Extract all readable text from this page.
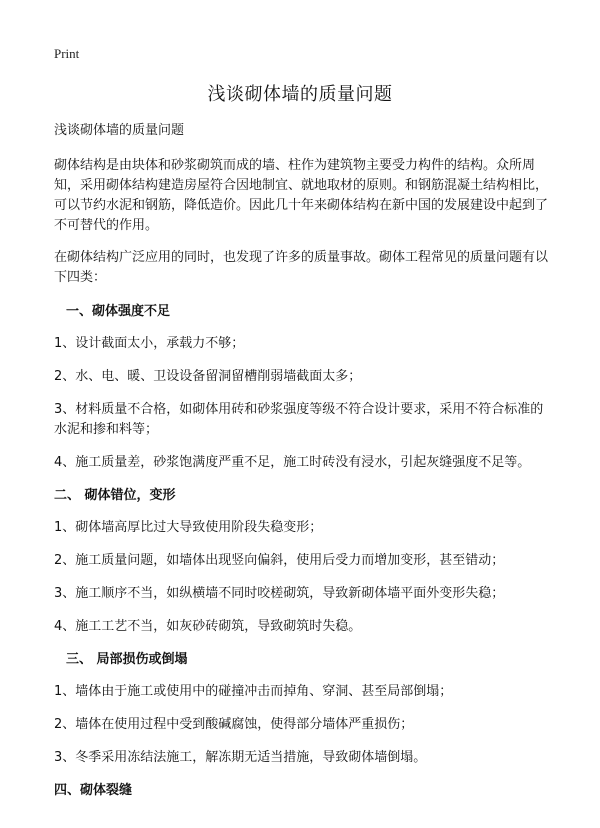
Print
浅谈砌体墙的质量问题

浅谈砌体墙的质量问题

砌体结构是由块体和砂浆砌筑而成的墙、柱作为建筑物主要受力构件的结构。众所周知，采用砌体结构建造房屋符合因地制宜、就地取材的原则。和钢筋混凝土结构相比，可以节约水泥和钢筋，降低造价。因此几十年来砌体结构在新中国的发展建设中起到了不可替代的作用。

在砌体结构广泛应用的同时，也发现了许多的质量事故。砌体工程常见的质量问题有以下四类：

一、砌体强度不足

1、设计截面太小，承载力不够；

2、水、电、暖、卫设设备留洞留槽削弱墙截面太多；

3、材料质量不合格，如砌体用砖和砂浆强度等级不符合设计要求，采用不符合标准的水泥和掺和料等；

4、施工质量差，砂浆饱满度严重不足，施工时砖没有浸水，引起灰缝强度不足等。

二、 砌体错位，变形

1、砌体墙高厚比过大导致使用阶段失稳变形；

2、施工质量问题，如墙体出现竖向偏斜，使用后受力而增加变形，甚至错动；

3、施工顺序不当，如纵横墙不同时咬槎砌筑，导致新砌体墙平面外变形失稳；

4、施工工艺不当，如灰砂砖砌筑，导致砌筑时失稳。

三、 局部损伤或倒塌

1、墙体由于施工或使用中的碰撞冲击而掉角、穿洞、甚至局部倒塌；

2、墙体在使用过程中受到酸碱腐蚀，使得部分墙体严重损伤；

3、冬季采用冻结法施工，解冻期无适当措施，导致砌体墙倒塌。

四、砌体裂缝
